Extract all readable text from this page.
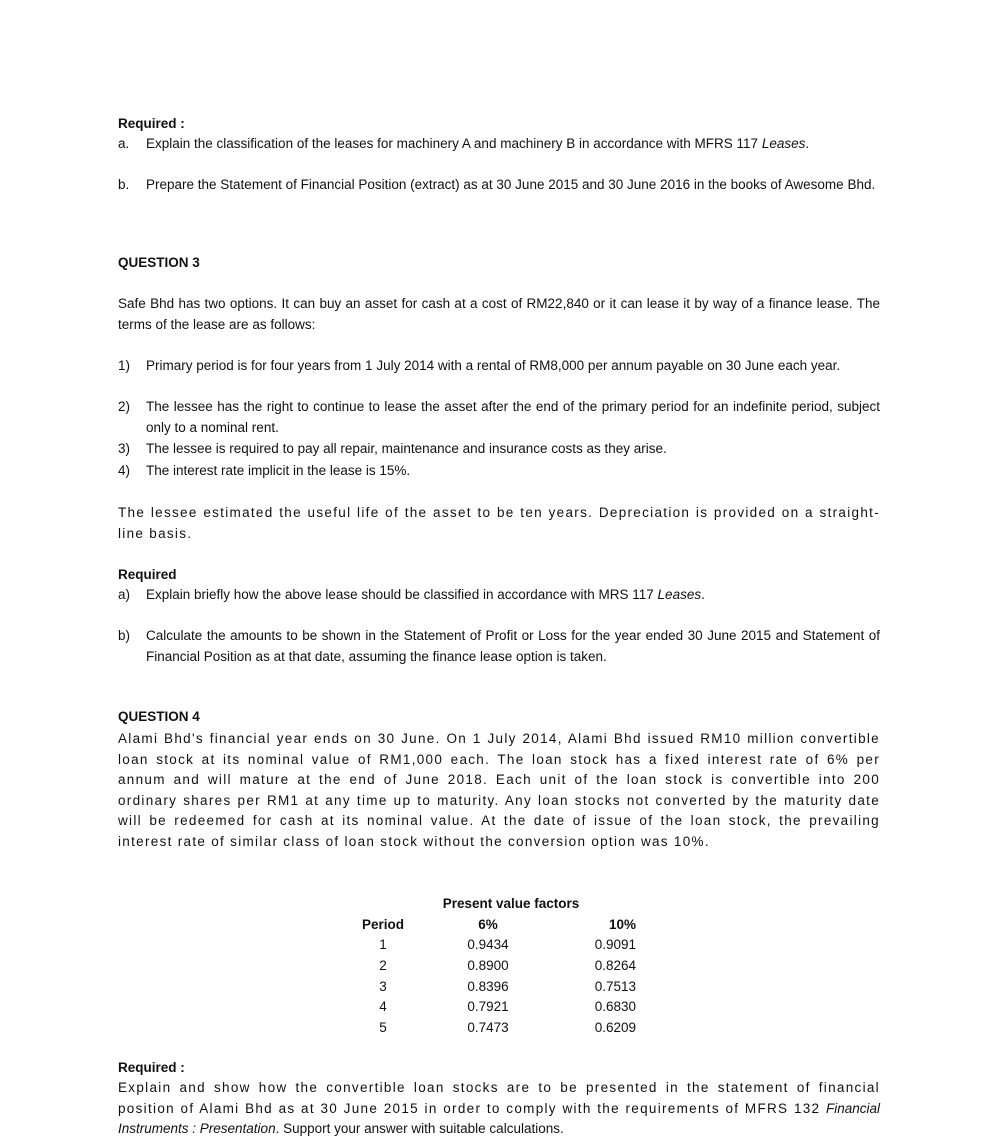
Required :
a.	Explain the classification of the leases for machinery A and machinery B in accordance with MFRS 117 Leases.
b.	Prepare the Statement of Financial Position (extract) as at 30 June 2015 and 30 June 2016 in the books of Awesome Bhd.
QUESTION 3
Safe Bhd has two options. It can buy an asset for cash at a cost of RM22,840 or it can lease it by way of a finance lease. The terms of the lease are as follows:
1)	Primary period is for four years from 1 July 2014 with a rental of RM8,000 per annum payable on 30 June each year.
2)	The lessee has the right to continue to lease the asset after the end of the primary period for an indefinite period, subject only to a nominal rent.
3)	The lessee is required to pay all repair, maintenance and insurance costs as they arise.
4)	The interest rate implicit in the lease is 15%.
The lessee estimated the useful life of the asset to be ten years. Depreciation is provided on a straight-line basis.
Required
a)	Explain briefly how the above lease should be classified in accordance with MRS 117 Leases.
b)	Calculate the amounts to be shown in the Statement of Profit or Loss for the year ended 30 June 2015 and Statement of Financial Position as at that date, assuming the finance lease option is taken.
QUESTION 4
Alami Bhd's financial year ends on 30 June. On 1 July 2014, Alami Bhd issued RM10 million convertible loan stock at its nominal value of RM1,000 each. The loan stock has a fixed interest rate of 6% per annum and will mature at the end of June 2018. Each unit of the loan stock is convertible into 200 ordinary shares per RM1 at any time up to maturity. Any loan stocks not converted by the maturity date will be redeemed for cash at its nominal value. At the date of issue of the loan stock, the prevailing interest rate of similar class of loan stock without the conversion option was 10%.
Present value factors		
Period	6%	10%
1	0.9434	0.9091
2	0.8900	0.8264
3	0.8396	0.7513
4	0.7921	0.6830
5	0.7473	0.6209
Required :
Explain and show how the convertible loan stocks are to be presented in the statement of financial position of Alami Bhd as at 30 June 2015 in order to comply with the requirements of MFRS 132 Financial Instruments : Presentation. Support your answer with suitable calculations.
